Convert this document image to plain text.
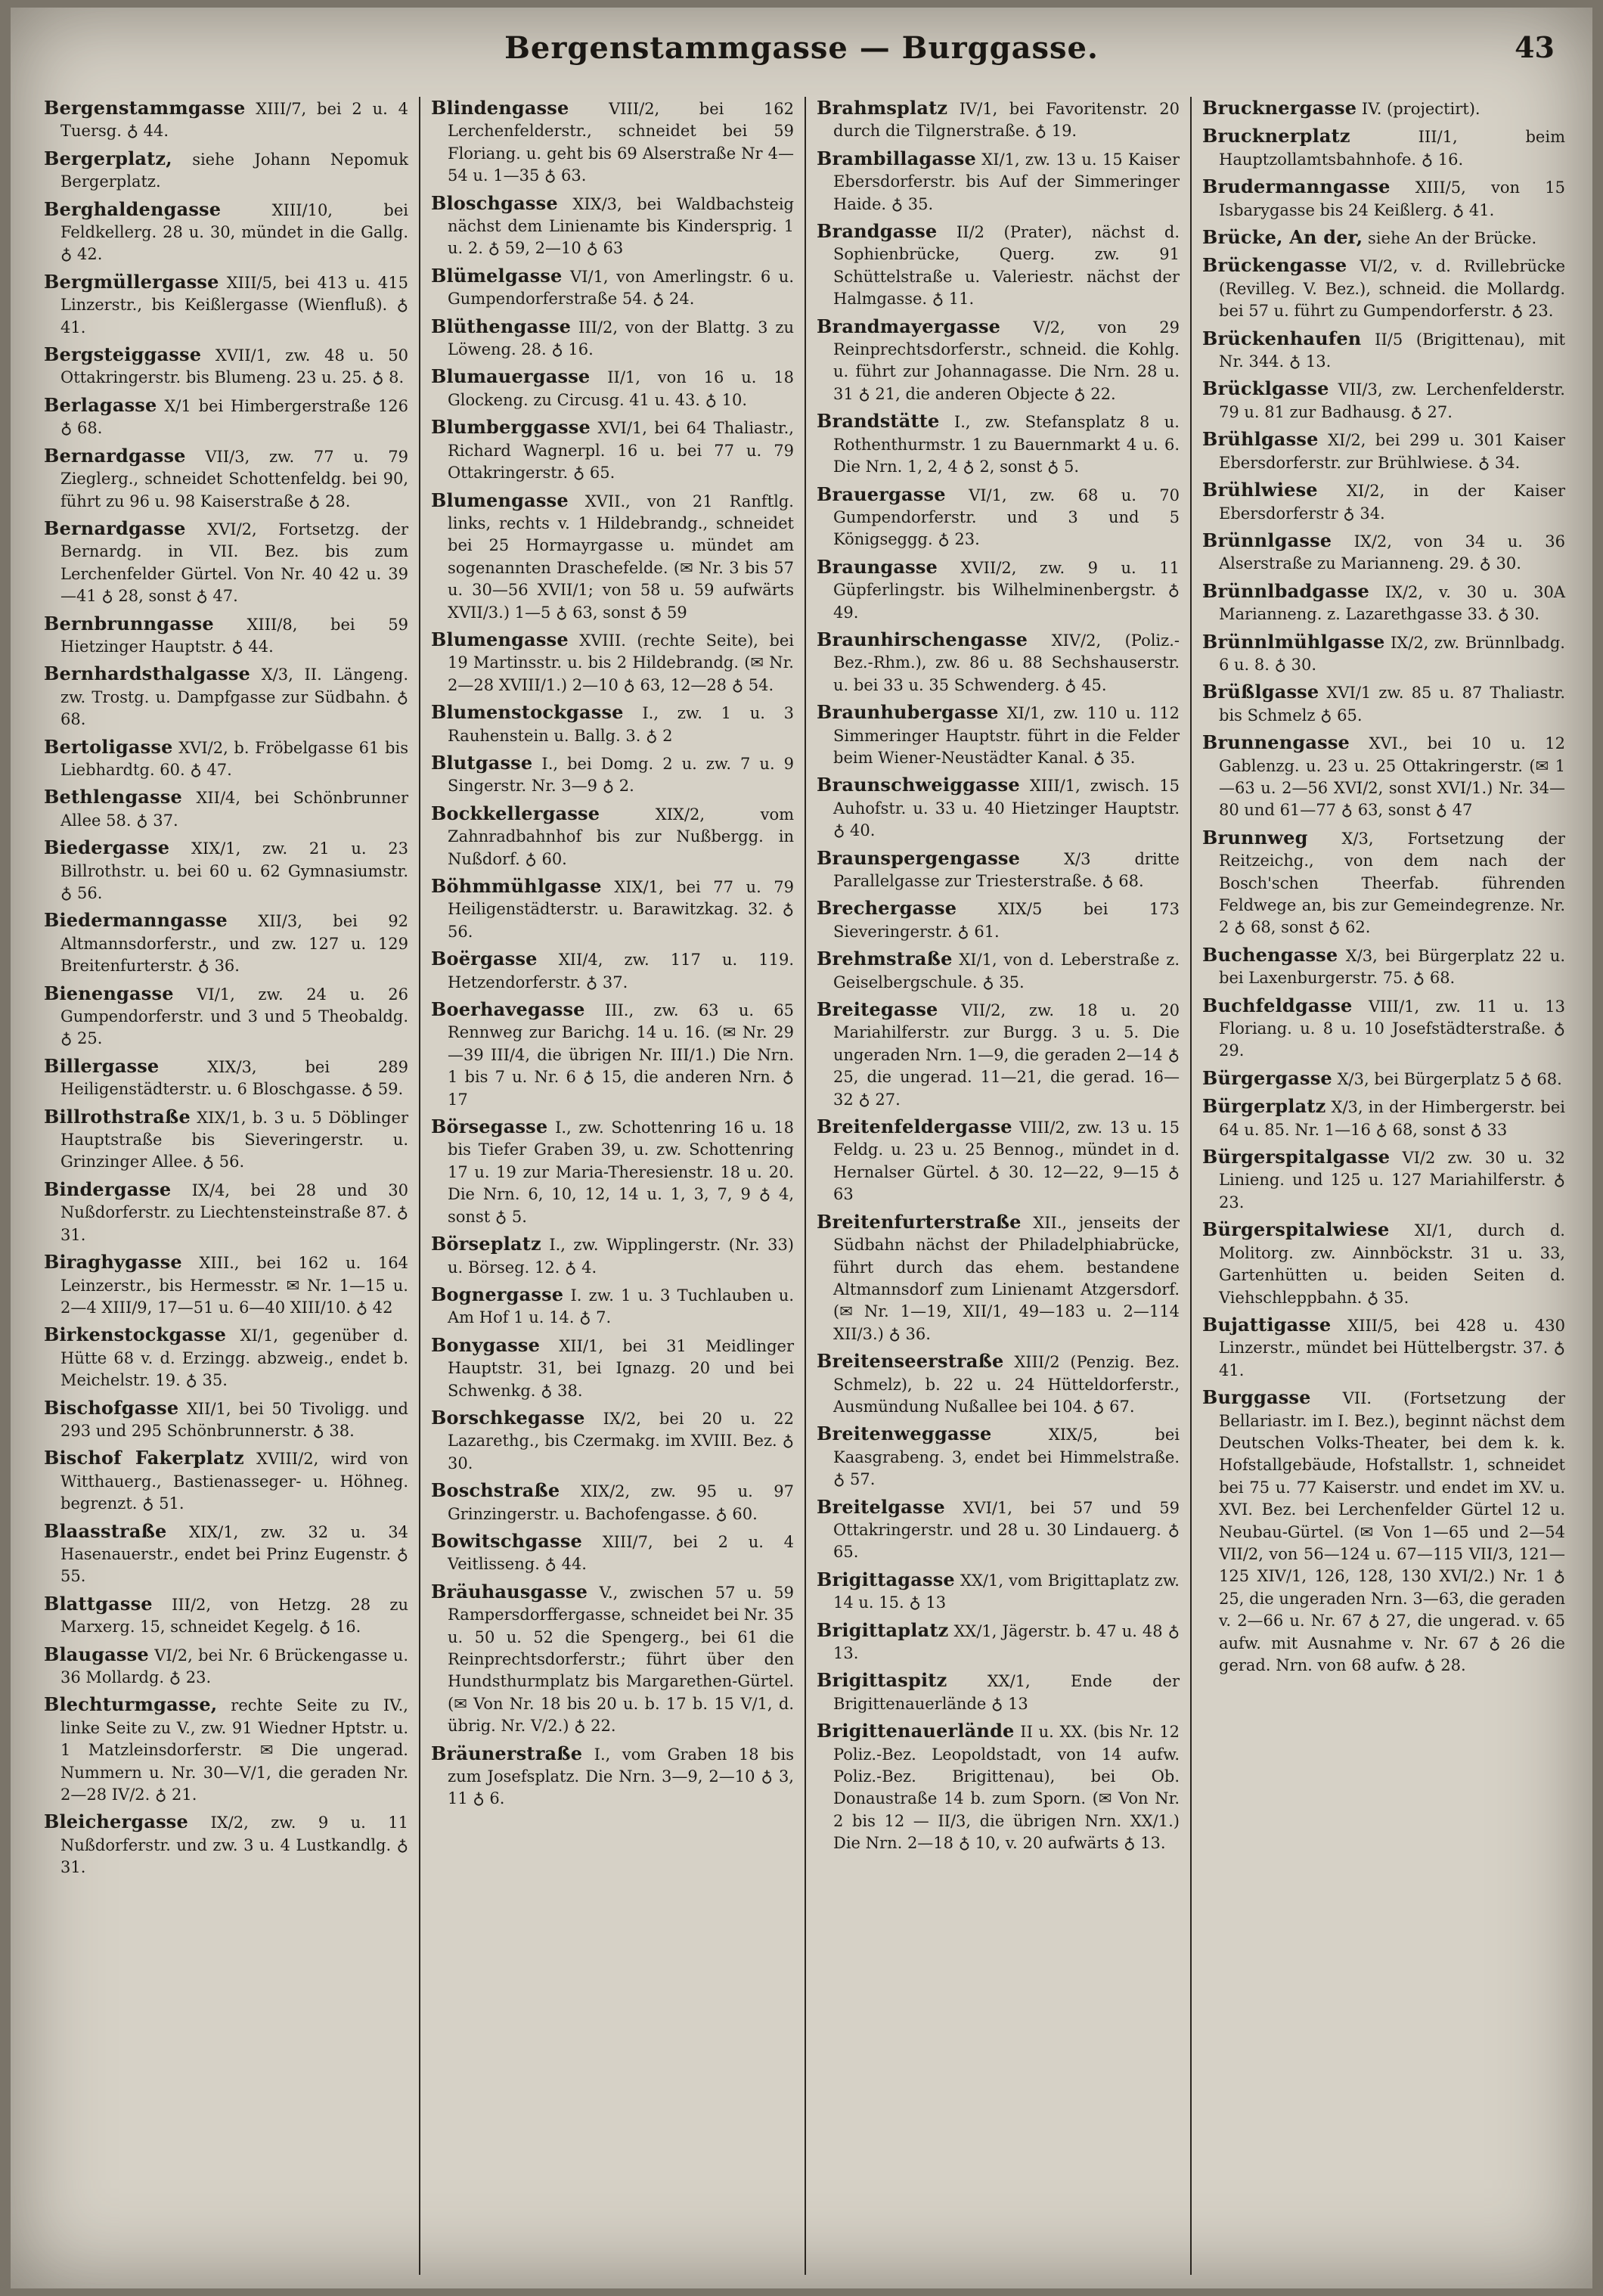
Bergenstammgasse — Burggasse.	43

Bergenstammgasse XIII/7, bei 2 u. 4 Tuersg. ♁ 44.

Bergerplatz, siehe Johann Nepomuk Bergerplatz.

Berghaldengasse	XIII/10, bei Feldkellerg. 28 u. 30, mündet in die Gallg. ♁ 42.

Bergmüllergasse XIII/5, bei 413 u. 415 Linzerstr., bis Keißlergasse (Wienfluß). ♁ 41.

Bergsteiggasse XVII/1, zw. 48 u. 50 Ottakringerstr. bis Blumeng. 23 u. 25. ♁ 8.

Berlagasse X/1 bei Himbergerstraße 126 ♁ 68.

Bernardgasse VII/3, zw. 77 u. 79 Zieglerg., schneidet Schottenfeldg. bei 90, führt zu 96 u. 98 Kaiserstraße ♁ 28.

Bernardgasse XVI/2, Fortsetzg. der Bernardg. in VII. Bez. bis zum Lerchenfelder Gürtel. Von Nr. 40 42 u. 39—41 ♁ 28, sonst ♁ 47.

Bernbrunngasse XIII/8, bei 59 Hietzinger Hauptstr. ♁ 44.

Bernhardsthalgasse X/3, II. Längeng. zw. Trostg. u. Dampfgasse zur Südbahn. ♁ 68.

Bertoligasse XVI/2, b. Fröbelgasse 61 bis Liebhardtg. 60. ♁ 47.

Bethlengasse XII/4, bei Schönbrunner Allee 58. ♁ 37.

Biedergasse XIX/1, zw. 21 u. 23 Billrothstr. u. bei 60 u. 62 Gymnasiumstr. ♁ 56.

Biedermanngasse XII/3, bei 92 Altmannsdorferstr., und zw. 127 u. 129 Breitenfurterstr. ♁ 36.

Bienengasse VI/1, zw. 24 u. 26 Gumpendorferstr. und 3 und 5 Theobaldg. ♁ 25.

Billergasse	XIX/3, bei 289 Heiligenstädterstr. u. 6 Bloschgasse. ♁ 59.

Billrothstraße XIX/1, b. 3 u. 5 Döblinger Hauptstraße bis Sieveringerstr. u. Grinzinger Allee. ♁ 56.

Bindergasse IX/4, bei 28 und 30 Nußdorferstr. zu Liechtensteinstraße 87. ♁ 31.

Biraghygasse XIII., bei 162 u. 164 Leinzerstr., bis Hermesstr. ✉ Nr. 1—15 u. 2—4 XIII/9, 17—51 u. 6—40 XIII/10. ♁ 42

Birkenstockgasse XI/1, gegenüber d. Hütte 68 v. d. Erzingg. abzweig., endet b. Meichelstr. 19. ♁ 35.

Bischofgasse XII/1, bei 50 Tivoligg. und 293 und 295 Schönbrunnerstr. ♁ 38.

Bischof Fakerplatz XVIII/2, wird von Witthauerg., Bastienasseger- u. Höhneg. begrenzt. ♁ 51.

Blaasstraße XIX/1, zw. 32 u. 34 Hasenauerstr., endet bei Prinz Eugenstr. ♁ 55.

Blattgasse III/2, von Hetzg. 28 zu Marxerg. 15, schneidet Kegelg. ♁ 16.

Blaugasse VI/2, bei Nr. 6 Brückengasse u. 36 Mollardg. ♁ 23.

Blechturmgasse, rechte Seite zu IV., linke Seite zu V., zw. 91 Wiedner Hptstr. u. 1 Matzleinsdorferstr. ✉ Die ungerad. Nummern u. Nr. 30—V/1, die geraden Nr. 2—28 IV/2. ♁ 21.

Bleichergasse IX/2, zw. 9 u. 11 Nußdorferstr. und zw. 3 u. 4 Lustkandlg. ♁ 31.

Blindengasse	VIII/2, bei 162 Lerchenfelderstr., schneidet bei 59 Floriang. u. geht bis 69 Alserstraße Nr 4—54 u. 1—35 ♁ 63.

Bloschgasse XIX/3, bei Waldbachsteig nächst dem Linienamte bis Kindersprig. 1 u. 2. ♁ 59, 2—10 ♁ 63

Blümelgasse VI/1, von Amerlingstr. 6 u. Gumpendorferstraße 54. ♁ 24.

Blüthengasse III/2, von der Blattg. 3 zu Löweng. 28. ♁ 16.

Blumauergasse II/1, von 16 u. 18 Glockeng. zu Circusg. 41 u. 43. ♁ 10.

Blumberggasse XVI/1, bei 64 Thaliastr., Richard Wagnerpl. 16 u. bei 77 u. 79 Ottakringerstr. ♁ 65.

Blumengasse XVII., von 21 Ranftlg. links, rechts v. 1 Hildebrandg., schneidet bei 25 Hormayrgasse u. mündet am sogenannten Draschefelde. (✉ Nr. 3 bis 57 u. 30—56 XVII/1; von 58 u. 59 aufwärts XVII/3.) 1—5 ♁ 63, sonst ♁ 59

Blumengasse XVIII. (rechte Seite), bei 19 Martinsstr. u. bis 2 Hildebrandg. (✉ Nr. 2—28 XVIII/1.) 2—10 ♁ 63, 12—28 ♁ 54.

Blumenstockgasse I., zw. 1 u. 3 Rauhenstein u. Ballg. 3. ♁ 2

Blutgasse I., bei Domg. 2 u. zw. 7 u. 9 Singerstr. Nr. 3—9 ♁ 2.

Bockkellergasse	XIX/2, vom Zahnradbahnhof bis zur Nußbergg. in Nußdorf. ♁ 60.

Böhmmühlgasse XIX/1, bei 77 u. 79 Heiligenstädterstr. u. Barawitzkag. 32. ♁ 56.

Boërgasse XII/4, zw. 117 u. 119. Hetzendorferstr. ♁ 37.

Boerhavegasse III., zw. 63 u. 65 Rennweg zur Barichg. 14 u. 16. (✉ Nr. 29—39 III/4, die übrigen Nr. III/1.) Die Nrn. 1 bis 7 u. Nr. 6 ♁ 15, die anderen Nrn. ♁ 17

Börsegasse I., zw. Schottenring 16 u. 18 bis Tiefer Graben 39, u. zw. Schottenring 17 u. 19 zur Maria-Theresienstr. 18 u. 20. Die Nrn. 6, 10, 12, 14 u. 1, 3, 7, 9 ♁ 4, sonst ♁ 5.

Börseplatz I., zw. Wipplingerstr. (Nr. 33) u. Börseg. 12. ♁ 4.

Bognergasse I. zw. 1 u. 3 Tuchlauben u. Am Hof 1 u. 14. ♁ 7.

Bonygasse XII/1, bei 31 Meidlinger Hauptstr. 31, bei Ignazg. 20 und bei Schwenkg. ♁ 38.

Borschkegasse IX/2, bei 20 u. 22 Lazarethg., bis Czermakg. im XVIII. Bez. ♁ 30.

Boschstraße XIX/2, zw. 95 u. 97 Grinzingerstr. u. Bachofengasse. ♁ 60.

Bowitschgasse XIII/7, bei 2 u. 4 Veitlisseng. ♁ 44.

Bräuhausgasse V., zwischen 57 u. 59 Rampersdorffergasse, schneidet bei Nr. 35 u. 50 u. 52 die Spengerg., bei 61 die Reinprechtsdorferstr.; führt über den Hundsthurmplatz bis Margarethen-Gürtel. (✉ Von Nr. 18 bis 20 u. b. 17 b. 15 V/1, d. übrig. Nr. V/2.) ♁ 22.

Bräunerstraße I., vom Graben 18 bis zum Josefsplatz. Die Nrn. 3—9, 2—10 ♁ 3, 11 ♁ 6.

Brahmsplatz IV/1, bei Favoritenstr. 20 durch die Tilgnerstraße. ♁ 19.

Brambillagasse XI/1, zw. 13 u. 15 Kaiser Ebersdorferstr. bis Auf der Simmeringer Haide. ♁ 35.

Brandgasse II/2 (Prater), nächst d. Sophienbrücke, Querg. zw. 91 Schüttelstraße u. Valeriestr. nächst der Halmgasse. ♁ 11.

Brandmayergasse V/2, von 29 Reinprechtsdorferstr., schneid. die Kohlg. u. führt zur Johannagasse. Die Nrn. 28 u. 31 ♁ 21, die anderen Objecte ♁ 22.

Brandstätte I., zw. Stefansplatz 8 u. Rothenthurmstr. 1 zu Bauernmarkt 4 u. 6. Die Nrn. 1, 2, 4 ♁ 2, sonst ♁ 5.

Brauergasse VI/1, zw. 68 u. 70 Gumpendorferstr. und 3 und 5 Königseggg. ♁ 23.

Braungasse XVII/2, zw. 9 u. 11 Güpferlingstr. bis Wilhelminenbergstr. ♁ 49.

Braunhirschengasse XIV/2, (Poliz.-Bez.-Rhm.), zw. 86 u. 88 Sechshauserstr. u. bei 33 u. 35 Schwenderg. ♁ 45.

Braunhubergasse XI/1, zw. 110 u. 112 Simmeringer Hauptstr. führt in die Felder beim Wiener-Neustädter Kanal. ♁ 35.

Braunschweiggasse XIII/1, zwisch. 15 Auhofstr. u. 33 u. 40 Hietzinger Hauptstr. ♁ 40.

Braunspergengasse	X/3 dritte Parallelgasse zur Triesterstraße. ♁ 68.

Brechergasse	XIX/5 bei 173 Sieveringerstr. ♁ 61.

Brehmstraße XI/1, von d. Leberstraße z. Geiselbergschule. ♁ 35.

Breitegasse VII/2, zw. 18 u. 20 Mariahilferstr. zur Burgg. 3 u. 5. Die ungeraden Nrn. 1—9, die geraden 2—14 ♁ 25, die ungerad. 11—21, die gerad. 16—32 ♁ 27.

Breitenfeldergasse VIII/2, zw. 13 u. 15 Feldg. u. 23 u. 25 Bennog., mündet in d. Hernalser Gürtel. ♁ 30. 12—22, 9—15 ♁ 63

Breitenfurterstraße XII., jenseits der Südbahn nächst der Philadelphiabrücke, führt durch das ehem. bestandene Altmannsdorf zum Linienamt Atzgersdorf. (✉ Nr. 1—19, XII/1, 49—183 u. 2—114 XII/3.) ♁ 36.

Breitenseerstraße XIII/2 (Penzig. Bez. Schmelz), b. 22 u. 24 Hütteldorferstr., Ausmündung Nußallee bei 104. ♁ 67.

Breitenweggasse	XIX/5, bei Kaasgrabeng. 3, endet bei Himmelstraße. ♁ 57.

Breitelgasse XVI/1, bei 57 und 59 Ottakringerstr. und 28 u. 30 Lindauerg. ♁ 65.

Brigittagasse XX/1, vom Brigittaplatz zw. 14 u. 15. ♁ 13

Brigittaplatz XX/1, Jägerstr. b. 47 u. 48 ♁ 13.

Brigittaspitz	XX/1, Ende der Brigittenauerlände ♁ 13

Brigittenauerlände II u. XX. (bis Nr. 12 Poliz.-Bez. Leopoldstadt, von 14 aufw. Poliz.-Bez. Brigittenau), bei Ob. Donaustraße 14 b. zum Sporn. (✉ Von Nr. 2 bis 12 — II/3, die übrigen Nrn. XX/1.) Die Nrn. 2—18 ♁ 10, v. 20 aufwärts ♁ 13.

Brucknergasse IV. (projectirt).

Brucknerplatz	III/1, beim Hauptzollamtsbahnhofe. ♁ 16.

Brudermanngasse XIII/5, von 15 Isbarygasse bis 24 Keißlerg. ♁ 41.

Brücke, An der, siehe An der Brücke.

Brückengasse VI/2, v. d. Rvillebrücke (Revilleg. V. Bez.), schneid. die Mollardg. bei 57 u. führt zu Gumpendorferstr. ♁ 23.

Brückenhaufen II/5 (Brigittenau), mit Nr. 344. ♁ 13.

Brücklgasse VII/3, zw. Lerchenfelderstr. 79 u. 81 zur Badhausg. ♁ 27.

Brühlgasse XI/2, bei 299 u. 301 Kaiser Ebersdorferstr. zur Brühlwiese. ♁ 34.

Brühlwiese XI/2, in der Kaiser Ebersdorferstr ♁ 34.

Brünnlgasse IX/2, von 34 u. 36 Alserstraße zu Marianneng. 29. ♁ 30.

Brünnlbadgasse IX/2, v. 30 u. 30A Marianneng. z. Lazarethgasse 33. ♁ 30.

Brünnlmühlgasse IX/2, zw. Brünnlbadg. 6 u. 8. ♁ 30.

Brüßlgasse XVI/1 zw. 85 u. 87 Thaliastr. bis Schmelz ♁ 65.

Brunnengasse XVI., bei 10 u. 12 Gablenzg. u. 23 u. 25 Ottakringerstr. (✉ 1—63 u. 2—56 XVI/2, sonst XVI/1.) Nr. 34—80 und 61—77 ♁ 63, sonst ♁ 47

Brunnweg X/3, Fortsetzung der Reitzeichg., von dem nach der Bosch'schen Theerfab. führenden Feldwege an, bis zur Gemeindegrenze. Nr. 2 ♁ 68, sonst ♁ 62.

Buchengasse X/3, bei Bürgerplatz 22 u. bei Laxenburgerstr. 75. ♁ 68.

Buchfeldgasse VIII/1, zw. 11 u. 13 Floriang. u. 8 u. 10 Josefstädterstraße. ♁ 29.

Bürgergasse X/3, bei Bürgerplatz 5 ♁ 68.

Bürgerplatz X/3, in der Himbergerstr. bei 64 u. 85. Nr. 1—16 ♁ 68, sonst ♁ 33

Bürgerspitalgasse VI/2 zw. 30 u. 32 Linieng. und 125 u. 127 Mariahilferstr. ♁ 23.

Bürgerspitalwiese XI/1, durch d. Molitorg. zw. Ainnböckstr. 31 u. 33, Gartenhütten u. beiden Seiten d. Viehschleppbahn. ♁ 35.

Bujattigasse XIII/5, bei 428 u. 430 Linzerstr., mündet bei Hüttelbergstr. 37. ♁ 41.

Burggasse VII. (Fortsetzung der Bellariastr. im I. Bez.), beginnt nächst dem Deutschen Volks-Theater, bei dem k. k. Hofstallgebäude, Hofstallstr. 1, schneidet bei 75 u. 77 Kaiserstr. und endet im XV. u. XVI. Bez. bei Lerchenfelder Gürtel 12 u. Neubau-Gürtel. (✉ Von 1—65 und 2—54 VII/2, von 56—124 u. 67—115 VII/3, 121—125 XIV/1, 126, 128, 130 XVI/2.) Nr. 1 ♁ 25, die ungeraden Nrn. 3—63, die geraden v. 2—66 u. Nr. 67 ♁ 27, die ungerad. v. 65 aufw. mit Ausnahme v. Nr. 67 ♁ 26 die gerad. Nrn. von 68 aufw. ♁ 28.
